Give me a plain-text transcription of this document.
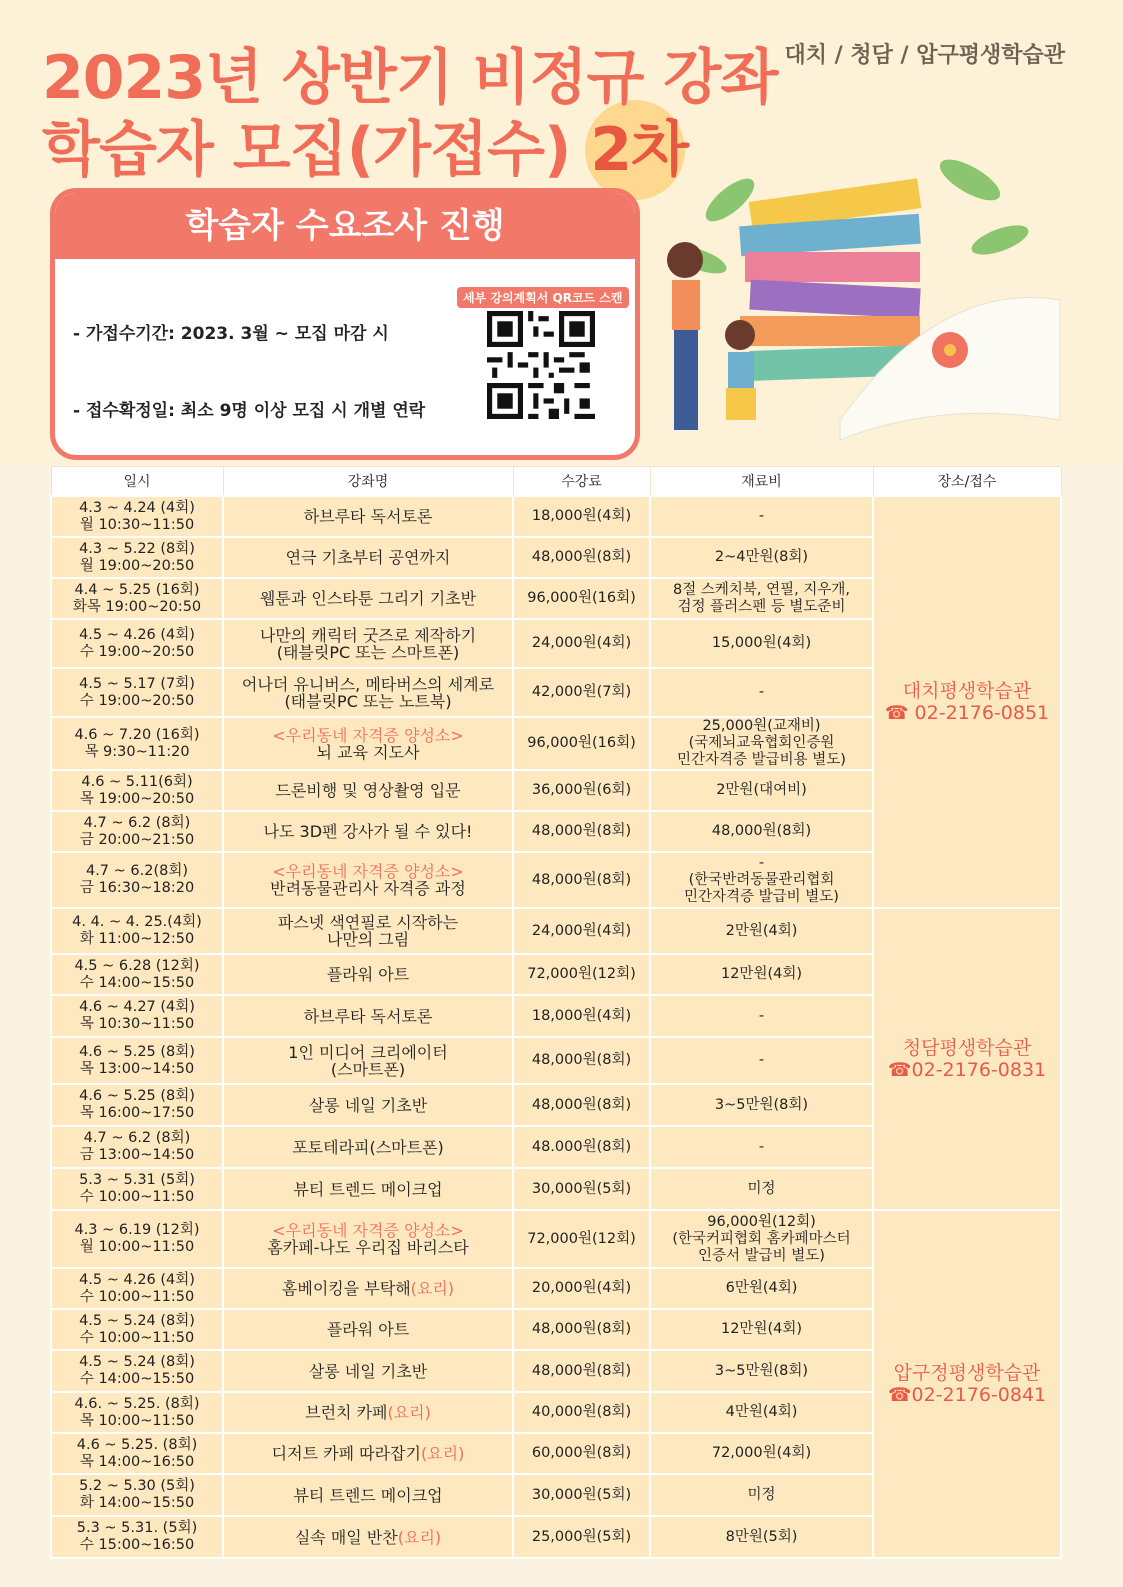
대치 / 청담 / 압구평생학습관
2023년 상반기 비정규 강좌
학습자 모집(가접수) 2차
학습자 수요조사 진행

- 가접수기간: 2023. 3월 ~ 모집 마감 시

- 접수확정일: 최소 9명 이상 모집 시 개별 연락

세부 강의계획서 QR코드 스캔
일시	강좌명	수강료	재료비	장소/접수

4.3 ~ 4.24 (4회)
월 10:30~11:50	하브루타 독서토론	18,000원(4회)	-	대치평생학습관
☎ 02-2176-0851

4.3 ~ 5.22 (8회)
월 19:00~20:50	연극 기초부터 공연까지	48,000원(8회)	2~4만원(8회)	

4.4 ~ 5.25 (16회)
화목 19:00~20:50	웹툰과 인스타툰 그리기 기초반	96,000원(16회)	8절 스케치북, 연필, 지우개,
검정 플러스펜 등 별도준비	

4.5 ~ 4.26 (4회)
수 19:00~20:50	나만의 캐릭터 굿즈로 제작하기
(태블릿PC 또는 스마트폰)	24,000원(4회)	15,000원(4회)	

4.5 ~ 5.17 (7회)
수 19:00~20:50	어나더 유니버스, 메타버스의 세계로
(태블릿PC 또는 노트북)	42,000원(7회)	-	

4.6 ~ 7.20 (16회)
목 9:30~11:20	<우리동네 자격증 양성소>
뇌 교육 지도사	96,000원(16회)	25,000원(교재비)
(국제뇌교육협회인증원
민간자격증 발급비용 별도)	

4.6 ~ 5.11(6회)
목 19:00~20:50	드론비행 및 영상촬영 입문	36,000원(6회)	2만원(대여비)	

4.7 ~ 6.2 (8회)
금 20:00~21:50	나도 3D펜 강사가 될 수 있다!	48,000원(8회)	48,000원(8회)	

4.7 ~ 6.2(8회)
금 16:30~18:20	<우리동네 자격증 양성소>
반려동물관리사 자격증 과정	48,000원(8회)	-
(한국반려동물관리협회
민간자격증 발급비 별도)	

4. 4. ~ 4. 25.(4회)
화 11:00~12:50	파스넷 색연필로 시작하는
나만의 그림	24,000원(4회)	2만원(4회)	청담평생학습관
☎02-2176-0831

4.5 ~ 6.28 (12회)
수 14:00~15:50	플라워 아트	72,000원(12회)	12만원(4회)	

4.6 ~ 4.27 (4회)
목 10:30~11:50	하브루타 독서토론	18,000원(4회)	-	

4.6 ~ 5.25 (8회)
목 13:00~14:50	1인 미디어 크리에이터
(스마트폰)	48,000원(8회)	-	

4.6 ~ 5.25 (8회)
목 16:00~17:50	살롱 네일 기초반	48,000원(8회)	3~5만원(8회)	

4.7 ~ 6.2 (8회)
금 13:00~14:50	포토테라피(스마트폰)	48.000원(8회)	-	

5.3 ~ 5.31 (5회)
수 10:00~11:50	뷰티 트렌드 메이크업	30,000원(5회)	미정	

4.3 ~ 6.19 (12회)
월 10:00~11:50	<우리동네 자격증 양성소>
홈카페-나도 우리집 바리스타	72,000원(12회)	96,000원(12회)
(한국커피협회 홈카페마스터
인증서 발급비 별도)	압구정평생학습관
☎02-2176-0841

4.5 ~ 4.26 (4회)
수 10:00~11:50	홈베이킹을 부탁해(요리)	20,000원(4회)	6만원(4회)	

4.5 ~ 5.24 (8회)
수 10:00~11:50	플라워 아트	48,000원(8회)	12만원(4회)	

4.5 ~ 5.24 (8회)
수 14:00~15:50	살롱 네일 기초반	48,000원(8회)	3~5만원(8회)	

4.6. ~ 5.25. (8회)
목 10:00~11:50	브런치 카페(요리)	40,000원(8회)	4만원(4회)	

4.6 ~ 5.25. (8회)
목 14:00~16:50	디저트 카페 따라잡기(요리)	60,000원(8회)	72,000원(4회)	

5.2 ~ 5.30 (5회)
화 14:00~15:50	뷰티 트렌드 메이크업	30,000원(5회)	미정	

5.3 ~ 5.31. (5회)
수 15:00~16:50	실속 매일 반찬(요리)	25,000원(5회)	8만원(5회)	
